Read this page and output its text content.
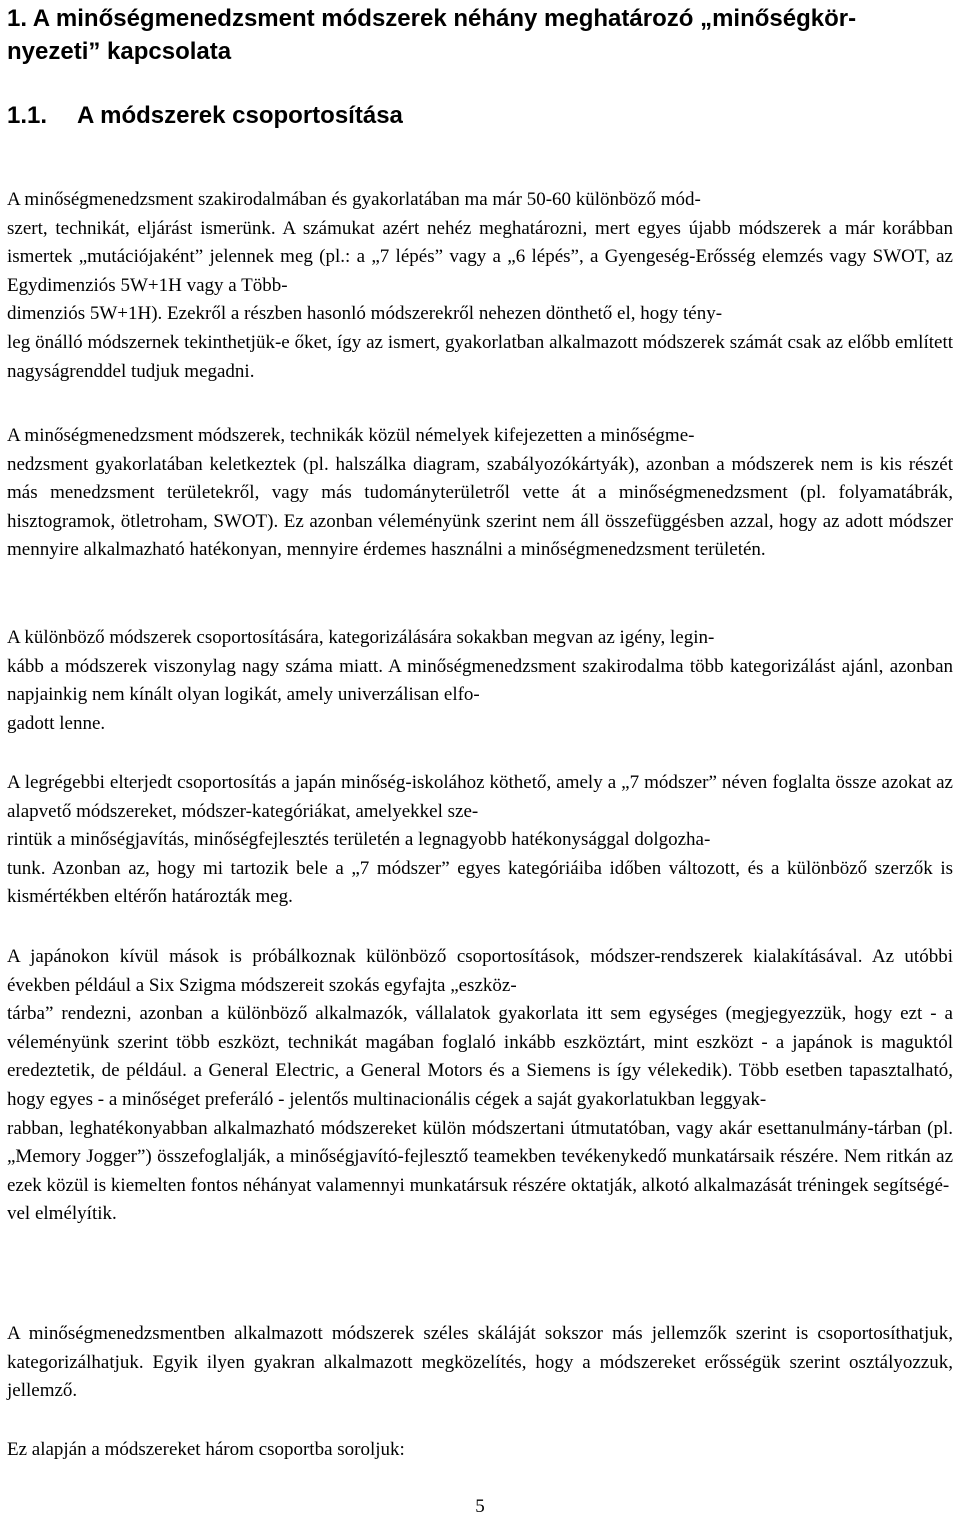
1. A minőségmenedzsment módszerek néhány meghatározó „minőségkör-
nyezeti” kapcsolata
1.1. A módszerek csoportosítása

A minőségmenedzsment szakirodalmában és gyakorlatában ma már 50-60 különböző mód-
szert, technikát, eljárást ismerünk. A számukat azért nehéz meghatározni, mert egyes újabb módszerek a már korábban ismertek „mutációjaként” jelennek meg (pl.: a „7 lépés” vagy a „6 lépés”, a Gyengeség-Erősség elemzés vagy SWOT, az Egydimenziós 5W+1H vagy a Több-
dimenziós 5W+1H). Ezekről a részben hasonló módszerekről nehezen dönthető el, hogy tény-
leg önálló módszernek tekinthetjük-e őket, így az ismert, gyakorlatban alkalmazott módszerek számát csak az előbb említett nagyságrenddel tudjuk megadni.

A minőségmenedzsment módszerek, technikák közül némelyek kifejezetten a minőségme-
nedzsment gyakorlatában keletkeztek (pl. halszálka diagram, szabályozókártyák), azonban a módszerek nem is kis részét más menedzsment területekről, vagy más tudományterületről vette át a minőségmenedzsment (pl. folyamatábrák, hisztogramok, ötletroham, SWOT). Ez azonban véleményünk szerint nem áll összefüggésben azzal, hogy az adott módszer mennyire alkalmazható hatékonyan, mennyire érdemes használni a minőségmenedzsment területén.

A különböző módszerek csoportosítására, kategorizálására sokakban megvan az igény, legin-
kább a módszerek viszonylag nagy száma miatt. A minőségmenedzsment szakirodalma több kategorizálást ajánl, azonban napjainkig nem kínált olyan logikát, amely univerzálisan elfo-
gadott lenne.

A legrégebbi elterjedt csoportosítás a japán minőség-iskolához köthető, amely a „7 módszer” néven foglalta össze azokat az alapvető módszereket, módszer-kategóriákat, amelyekkel sze-
rintük a minőségjavítás, minőségfejlesztés területén a legnagyobb hatékonysággal dolgozha-
tunk. Azonban az, hogy mi tartozik bele a „7 módszer” egyes kategóriáiba időben változott, és a különböző szerzők is kismértékben eltérőn határozták meg.

A japánokon kívül mások is próbálkoznak különböző csoportosítások, módszer-rendszerek kialakításával. Az utóbbi években például a Six Szigma módszereit szokás egyfajta „eszköz-
tárba” rendezni, azonban a különböző alkalmazók, vállalatok gyakorlata itt sem egységes (megjegyezzük, hogy ezt - a véleményünk szerint több eszközt, technikát magában foglaló inkább eszköztárt, mint eszközt - a japánok is maguktól eredeztetik, de például. a General Electric, a General Motors és a Siemens is így vélekedik). Több esetben tapasztalható, hogy egyes - a minőséget preferáló - jelentős multinacionális cégek a saját gyakorlatukban leggyak-
rabban, leghatékonyabban alkalmazható módszereket külön módszertani útmutatóban, vagy akár esettanulmány-tárban (pl. „Memory Jogger”) összefoglalják, a minőségjavító-fejlesztő teamekben tevékenykedő munkatársaik részére. Nem ritkán az ezek közül is kiemelten fontos néhányat valamennyi munkatársuk részére oktatják, alkotó alkalmazását tréningek segítségé-
vel elmélyítik.

A minőségmenedzsmentben alkalmazott módszerek széles skáláját sokszor más jellemzők szerint is csoportosíthatjuk, kategorizálhatjuk. Egyik ilyen gyakran alkalmazott megközelítés, hogy a módszereket erősségük szerint osztályozzuk, jellemző.

Ez alapján a módszereket három csoportba soroljuk:

5
